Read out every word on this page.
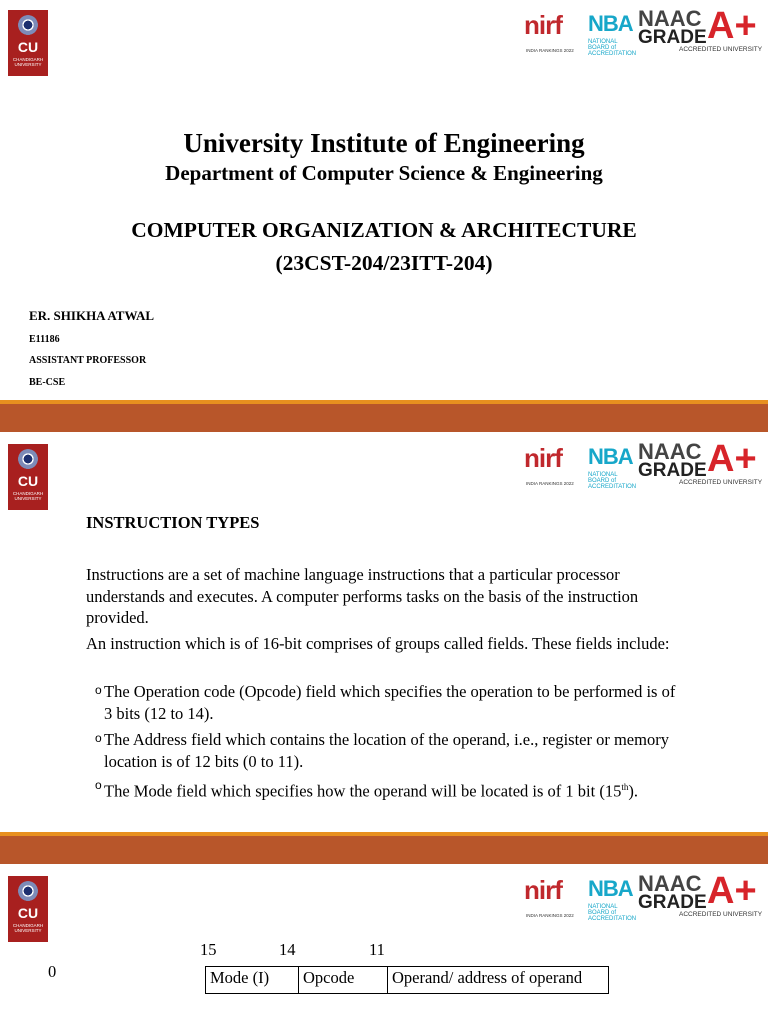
CU
CHANDIGARH UNIVERSITY
nirf
INDIA RANKINGS 2022
NBA
NATIONAL BOARD of ACCREDITATION
NAAC
GRADE A+
ACCREDITED UNIVERSITY
University Institute of Engineering
Department of Computer Science & Engineering
COMPUTER ORGANIZATION & ARCHITECTURE
(23CST-204/23ITT-204)
ER. SHIKHA ATWAL
E11186
ASSISTANT PROFESSOR
BE-CSE
CU
CHANDIGARH UNIVERSITY
nirf
INDIA RANKINGS 2022
NBA
NATIONAL BOARD of ACCREDITATION
NAAC
GRADE A+
ACCREDITED UNIVERSITY
INSTRUCTION TYPES
Instructions are a set of machine language instructions that a particular processor understands and executes. A computer performs tasks on the basis of the instruction provided.
An instruction which is of 16-bit comprises of groups called fields. These fields include:
o The Operation code (Opcode) field which specifies the operation to be performed is of 3 bits (12 to 14).
o The Address field which contains the location of the operand, i.e., register or memory location is of 12 bits (0 to 11).
o The Mode field which specifies how the operand will be located is of 1 bit (15th).
CU
CHANDIGARH UNIVERSITY
nirf
INDIA RANKINGS 2022
NBA
NATIONAL BOARD of ACCREDITATION
NAAC
GRADE A+
ACCREDITED UNIVERSITY
15	14	11
0	Mode (I)	Opcode	Operand/ address of operand
